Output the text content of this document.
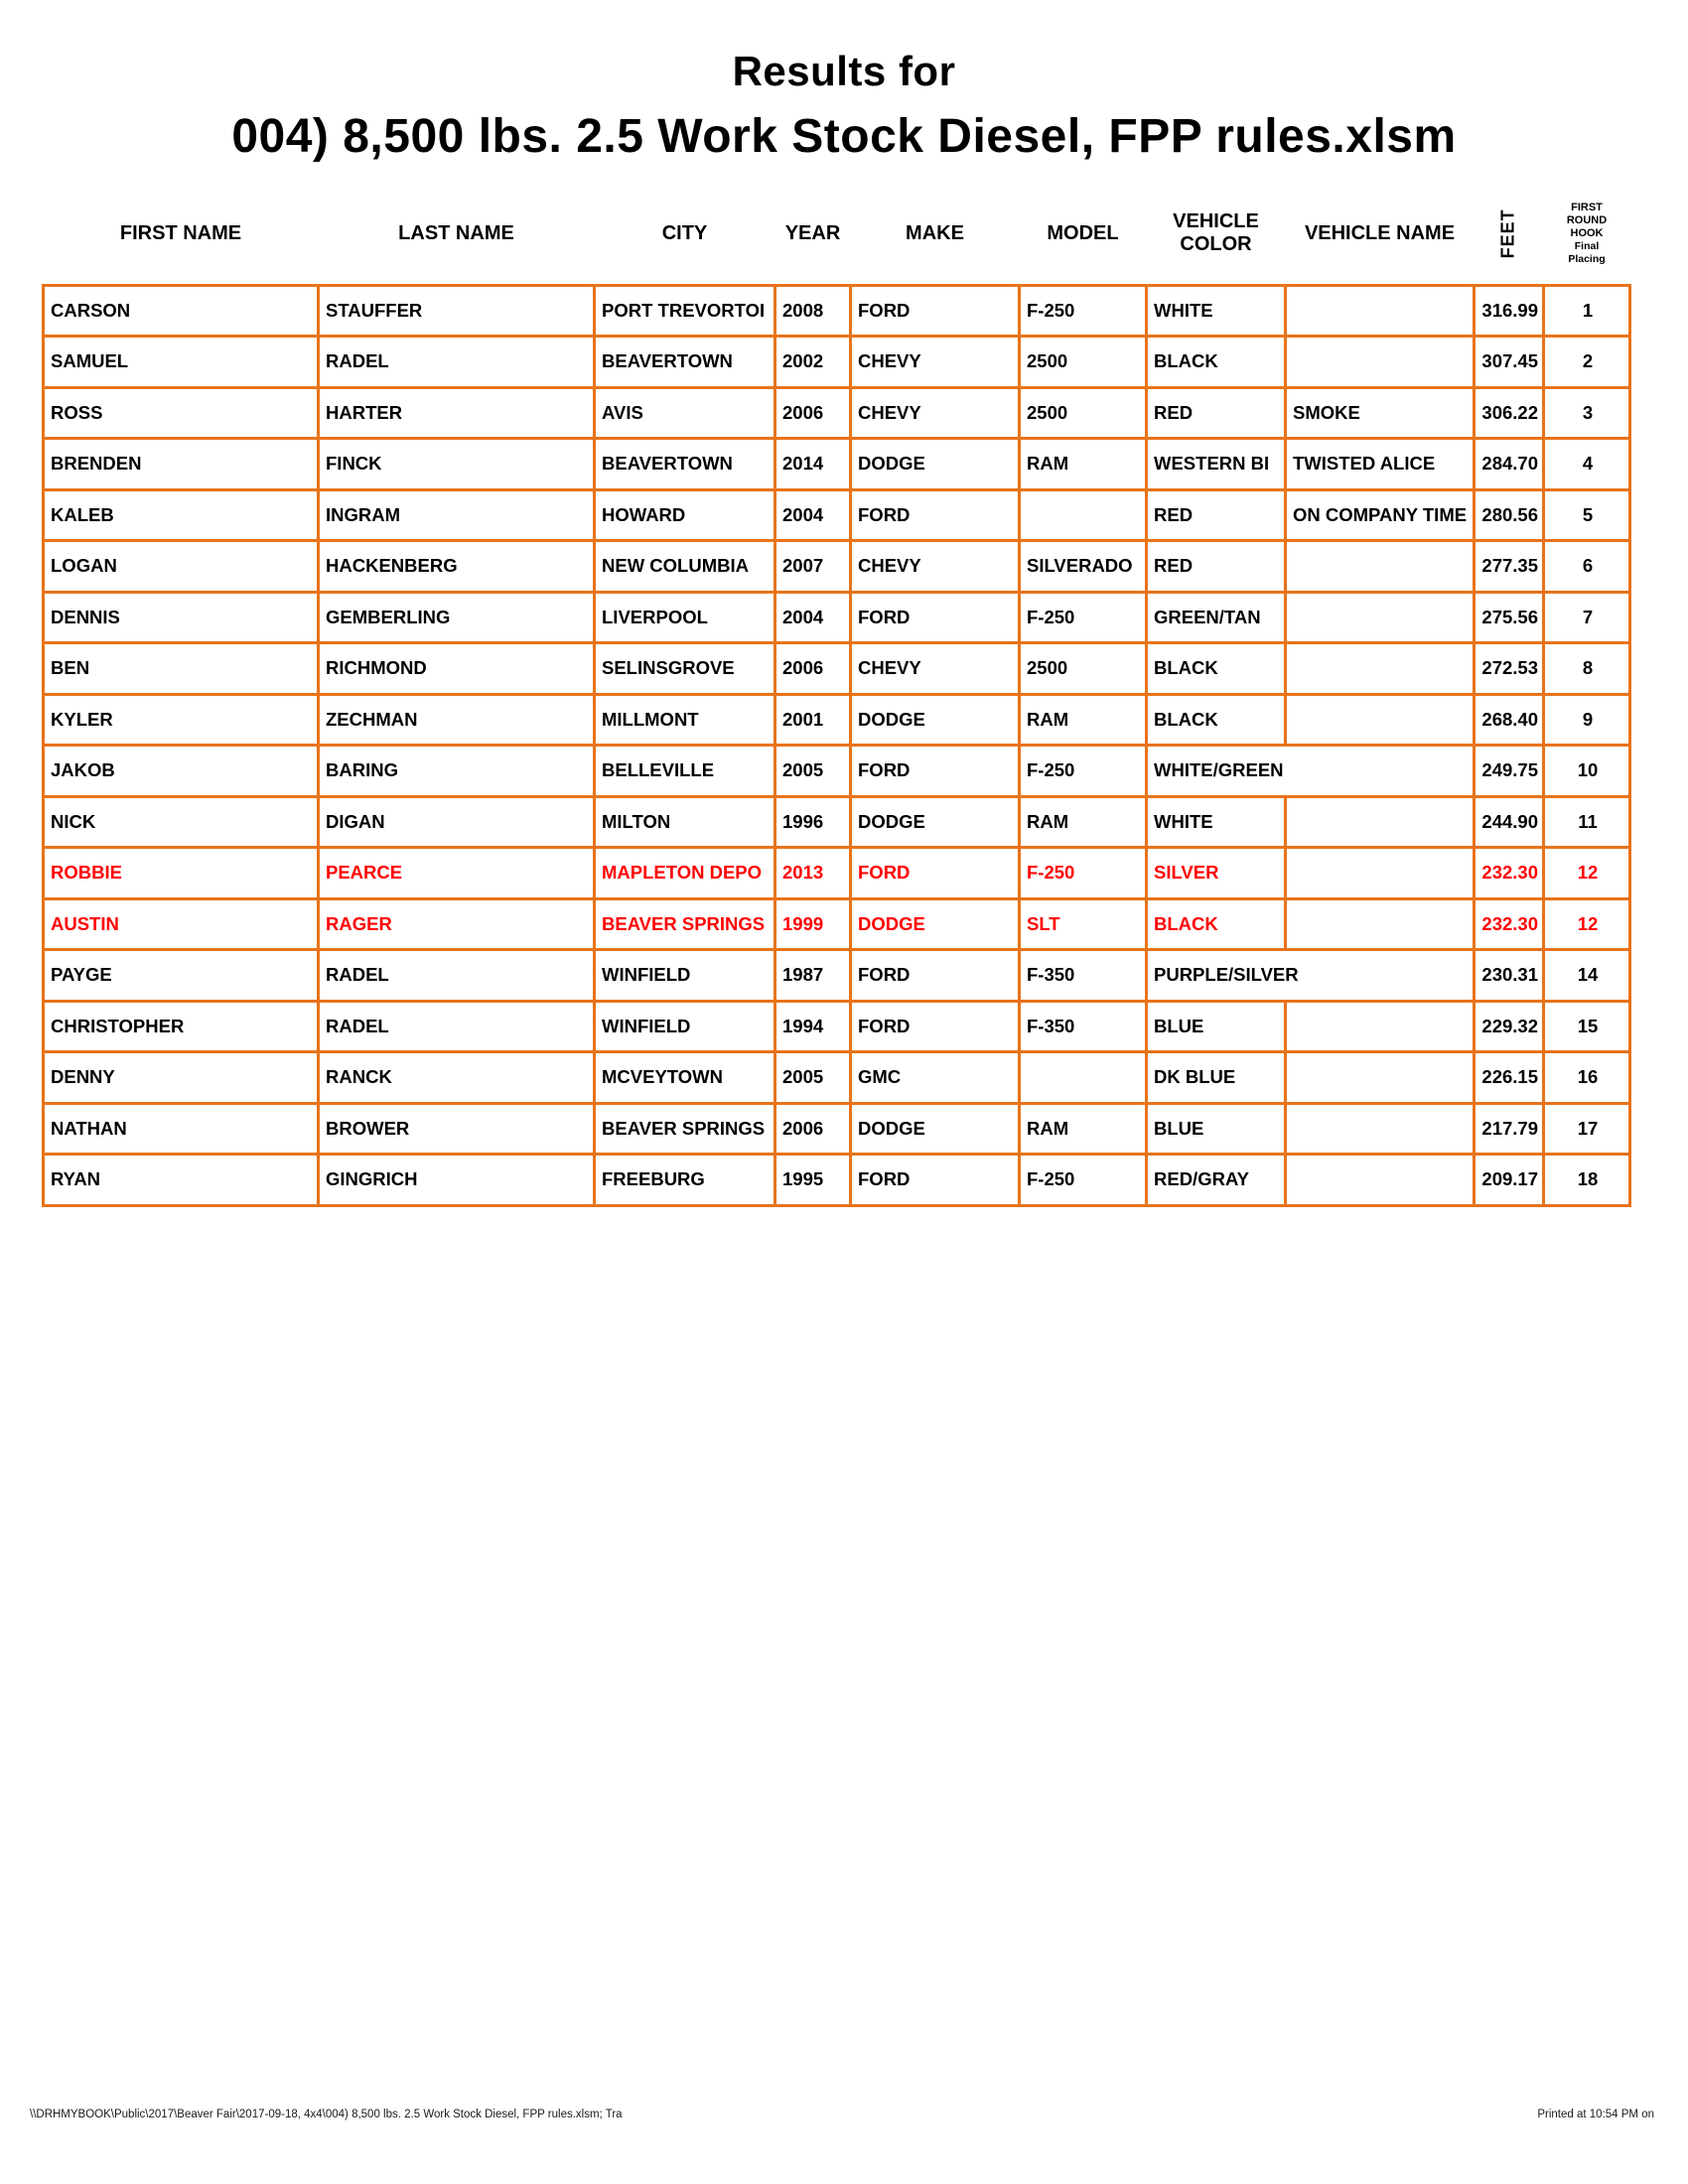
Results for
004) 8,500 lbs. 2.5 Work Stock Diesel, FPP rules.xlsm
FIRST NAME	LAST NAME	CITY	YEAR	MAKE	MODEL	VEHICLE COLOR	VEHICLE NAME	FEET	FIRST
ROUND
HOOK
Final
Placing

CARSON	STAUFFER	PORT TREVORTOI	2008	FORD	F-250	WHITE		316.99	1
SAMUEL	RADEL	BEAVERTOWN	2002	CHEVY	2500	BLACK		307.45	2
ROSS	HARTER	AVIS	2006	CHEVY	2500	RED	SMOKE	306.22	3
BRENDEN	FINCK	BEAVERTOWN	2014	DODGE	RAM	WESTERN BI	TWISTED ALICE	284.70	4
KALEB	INGRAM	HOWARD	2004	FORD		RED	ON COMPANY TIME	280.56	5
LOGAN	HACKENBERG	NEW COLUMBIA	2007	CHEVY	SILVERADO	RED		277.35	6
DENNIS	GEMBERLING	LIVERPOOL	2004	FORD	F-250	GREEN/TAN		275.56	7
BEN	RICHMOND	SELINSGROVE	2006	CHEVY	2500	BLACK		272.53	8
KYLER	ZECHMAN	MILLMONT	2001	DODGE	RAM	BLACK		268.40	9
JAKOB	BARING	BELLEVILLE	2005	FORD	F-250	WHITE/GREEN		249.75	10
NICK	DIGAN	MILTON	1996	DODGE	RAM	WHITE		244.90	11
ROBBIE	PEARCE	MAPLETON DEPO	2013	FORD	F-250	SILVER		232.30	12
AUSTIN	RAGER	BEAVER SPRINGS	1999	DODGE	SLT	BLACK		232.30	12
PAYGE	RADEL	WINFIELD	1987	FORD	F-350	PURPLE/SILVER		230.31	14
CHRISTOPHER	RADEL	WINFIELD	1994	FORD	F-350	BLUE		229.32	15
DENNY	RANCK	MCVEYTOWN	2005	GMC		DK BLUE		226.15	16
NATHAN	BROWER	BEAVER SPRINGS	2006	DODGE	RAM	BLUE		217.79	17
RYAN	GINGRICH	FREEBURG	1995	FORD	F-250	RED/GRAY		209.17	18
\\DRHMYBOOK\Public\2017\Beaver Fair\2017-09-18, 4x4\004) 8,500 lbs. 2.5 Work Stock Diesel, FPP rules.xlsm; Tra	Printed at 10:54 PM on
